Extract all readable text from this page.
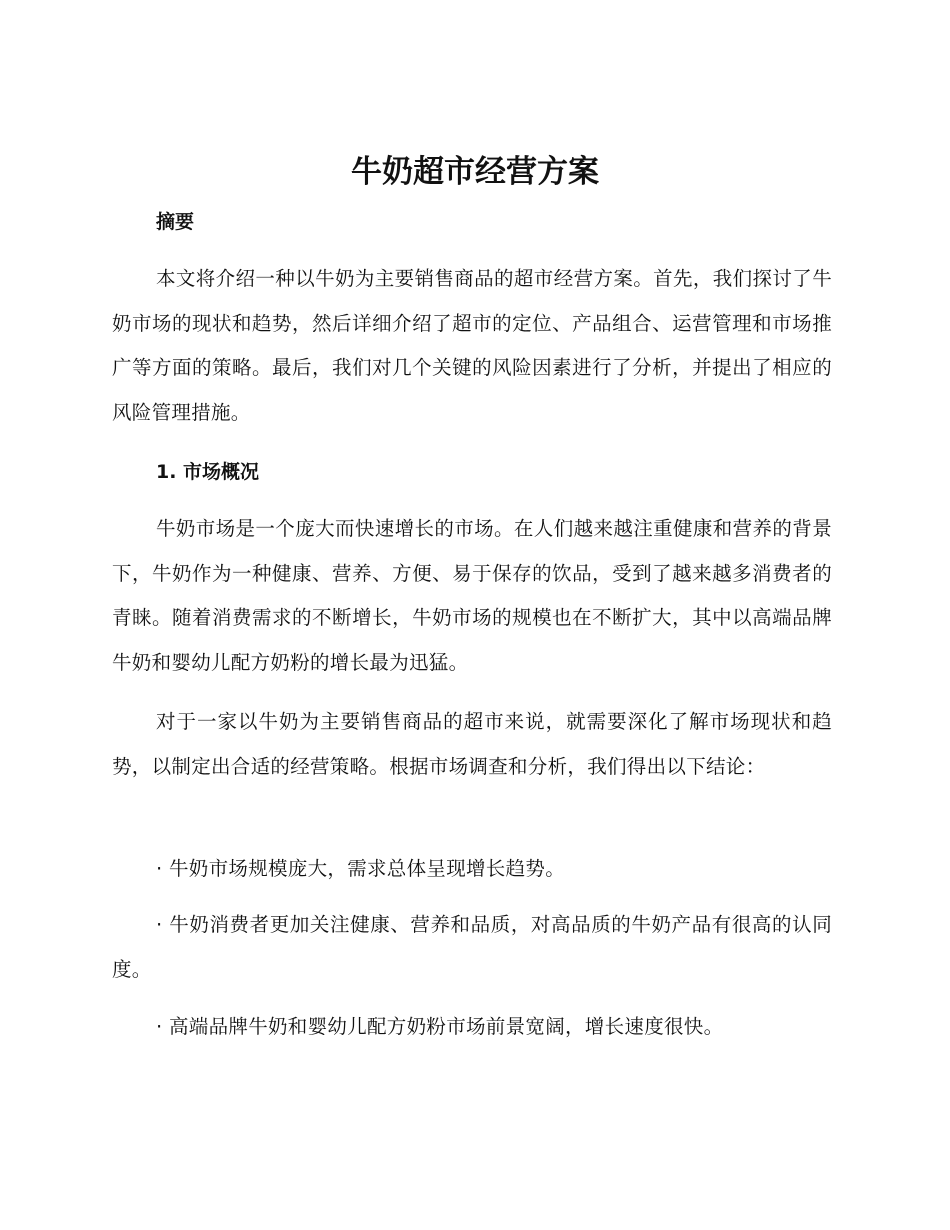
牛奶超市经营方案
摘要

本文将介绍一种以牛奶为主要销售商品的超市经营方案。首先，我们探讨了牛奶市场的现状和趋势，然后详细介绍了超市的定位、产品组合、运营管理和市场推广等方面的策略。最后，我们对几个关键的风险因素进行了分析，并提出了相应的风险管理措施。

1. 市场概况

牛奶市场是一个庞大而快速增长的市场。在人们越来越注重健康和营养的背景下，牛奶作为一种健康、营养、方便、易于保存的饮品，受到了越来越多消费者的青睐。随着消费需求的不断增长，牛奶市场的规模也在不断扩大，其中以高端品牌牛奶和婴幼儿配方奶粉的增长最为迅猛。

对于一家以牛奶为主要销售商品的超市来说，就需要深化了解市场现状和趋势，以制定出合适的经营策略。根据市场调查和分析，我们得出以下结论：

· 牛奶市场规模庞大，需求总体呈现增长趋势。

· 牛奶消费者更加关注健康、营养和品质，对高品质的牛奶产品有很高的认同度。

· 高端品牌牛奶和婴幼儿配方奶粉市场前景宽阔，增长速度很快。
